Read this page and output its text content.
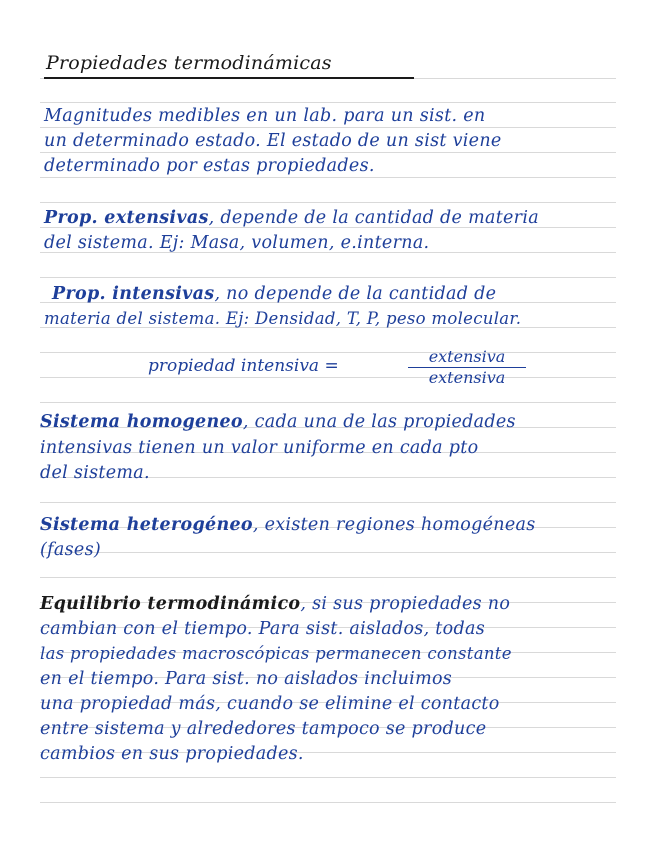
Propiedades termodinámicas
Magnitudes medibles en un lab. para un sist. en
un determinado estado. El estado de un sist viene
determinado por estas propiedades.
Prop. extensivas, depende de la cantidad de materia
del sistema. Ej: Masa, volumen, e.interna.
Prop. intensivas, no depende de la cantidad de
materia del sistema. Ej: Densidad, T, P, peso molecular.
propiedad intensiva =	extensiva
extensiva
Sistema homogeneo, cada una de las propiedades
intensivas tienen un valor uniforme en cada pto
del sistema.
Sistema heterogéneo, existen regiones homogéneas
(fases)
Equilibrio termodinámico, si sus propiedades no
cambian con el tiempo. Para sist. aislados, todas
las propiedades macroscópicas permanecen constante
en el tiempo. Para sist. no aislados incluimos
una propiedad más, cuando se elimine el contacto
entre sistema y alrededores tampoco se produce
cambios en sus propiedades.
